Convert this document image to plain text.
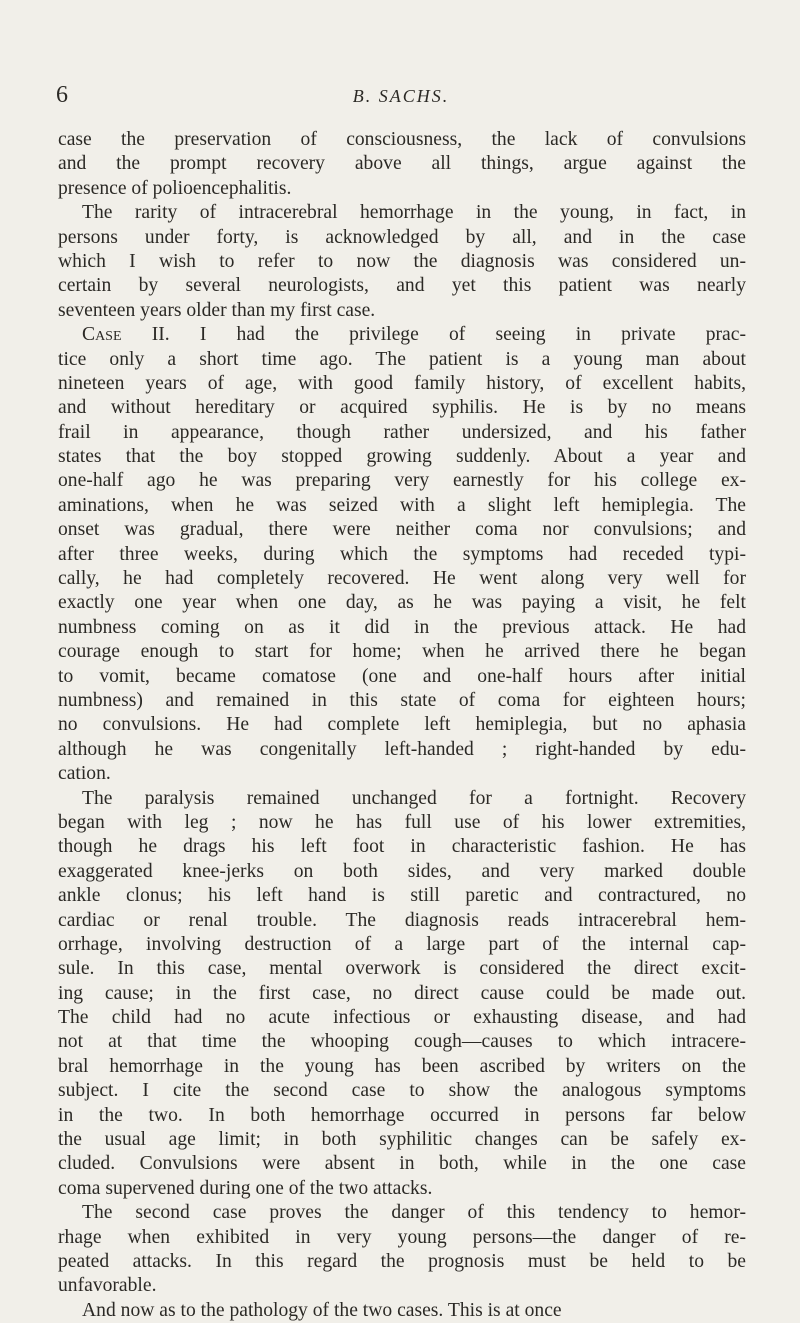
6	B. SACHS.
case the preservation of consciousness, the lack of convulsions
and the prompt recovery above all things, argue against the
presence of polioencephalitis.
The rarity of intracerebral hemorrhage in the young, in fact, in
persons under forty, is acknowledged by all, and in the case
which I wish to refer to now the diagnosis was considered un-
certain by several neurologists, and yet this patient was nearly
seventeen years older than my first case.
Case II. I had the privilege of seeing in private prac-
tice only a short time ago. The patient is a young man about
nineteen years of age, with good family history, of excellent habits,
and without hereditary or acquired syphilis. He is by no means
frail in appearance, though rather undersized, and his father
states that the boy stopped growing suddenly. About a year and
one-half ago he was preparing very earnestly for his college ex-
aminations, when he was seized with a slight left hemiplegia. The
onset was gradual, there were neither coma nor convulsions; and
after three weeks, during which the symptoms had receded typi-
cally, he had completely recovered. He went along very well for
exactly one year when one day, as he was paying a visit, he felt
numbness coming on as it did in the previous attack. He had
courage enough to start for home; when he arrived there he began
to vomit, became comatose (one and one-half hours after initial
numbness) and remained in this state of coma for eighteen hours;
no convulsions. He had complete left hemiplegia, but no aphasia
although he was congenitally left-handed ; right-handed by edu-
cation.
The paralysis remained unchanged for a fortnight. Recovery
began with leg ; now he has full use of his lower extremities,
though he drags his left foot in characteristic fashion. He has
exaggerated knee-jerks on both sides, and very marked double
ankle clonus; his left hand is still paretic and contractured, no
cardiac or renal trouble. The diagnosis reads intracerebral hem-
orrhage, involving destruction of a large part of the internal cap-
sule. In this case, mental overwork is considered the direct excit-
ing cause; in the first case, no direct cause could be made out.
The child had no acute infectious or exhausting disease, and had
not at that time the whooping cough—causes to which intracere-
bral hemorrhage in the young has been ascribed by writers on the
subject. I cite the second case to show the analogous symptoms
in the two. In both hemorrhage occurred in persons far below
the usual age limit; in both syphilitic changes can be safely ex-
cluded. Convulsions were absent in both, while in the one case
coma supervened during one of the two attacks.
The second case proves the danger of this tendency to hemor-
rhage when exhibited in very young persons—the danger of re-
peated attacks. In this regard the prognosis must be held to be
unfavorable.
And now as to the pathology of the two cases. This is at once
